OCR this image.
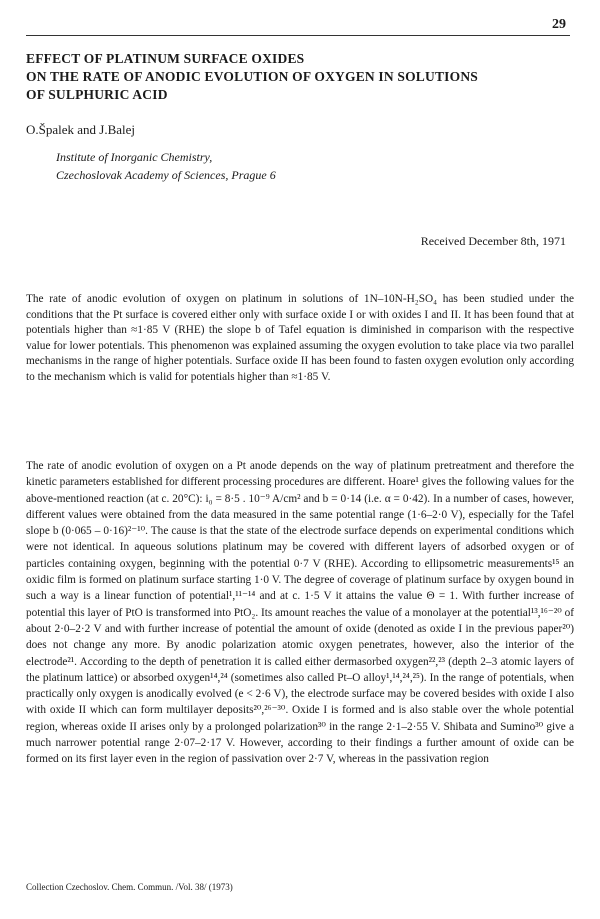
29
EFFECT OF PLATINUM SURFACE OXIDES
ON THE RATE OF ANODIC EVOLUTION OF OXYGEN IN SOLUTIONS
OF SULPHURIC ACID
O.Špalek and J.Balej
Institute of Inorganic Chemistry,
Czechoslovak Academy of Sciences, Prague 6
Received December 8th, 1971

The rate of anodic evolution of oxygen on platinum in solutions of 1N–10N-H₂SO₄ has been studied under the conditions that the Pt surface is covered either only with surface oxide I or with oxides I and II. It has been found that at potentials higher than ≈1·85 V (RHE) the slope b of Tafel equation is diminished in comparison with the respective value for lower potentials. This phenomenon was explained assuming the oxygen evolution to take place via two parallel mechanisms in the range of higher potentials. Surface oxide II has been found to fasten oxygen evolution only according to the mechanism which is valid for potentials higher than ≈1·85 V.

The rate of anodic evolution of oxygen on a Pt anode depends on the way of platinum pretreatment and therefore the kinetic parameters established for different processing procedures are different. Hoare¹ gives the following values for the above-mentioned reaction (at c. 20°C): i₀ = 8·5 . 10⁻⁹ A/cm² and b = 0·14 (i.e. α = 0·42). In a number of cases, however, different values were obtained from the data measured in the same potential range (1·6–2·0 V), especially for the Tafel slope b (0·065 – 0·16)²⁻¹⁰. The cause is that the state of the electrode surface depends on experimental conditions which were not identical. In aqueous solutions platinum may be covered with different layers of adsorbed oxygen or of particles containing oxygen, beginning with the potential 0·7 V (RHE). According to ellipsometric measurements¹⁵ an oxidic film is formed on platinum surface starting 1·0 V. The degree of coverage of platinum surface by oxygen bound in such a way is a linear function of potential¹,¹¹⁻¹⁴ and at c. 1·5 V it attains the value Θ = 1. With further increase of potential this layer of PtO is transformed into PtO₂. Its amount reaches the value of a monolayer at the potential¹³,¹⁶⁻²⁰ of about 2·0–2·2 V and with further increase of potential the amount of oxide (denoted as oxide I in the previous paper²⁰) does not change any more. By anodic polarization atomic oxygen penetrates, however, also the interior of the electrode²¹. According to the depth of penetration it is called either dermasorbed oxygen²²,²³ (depth 2–3 atomic layers of the platinum lattice) or absorbed oxygen¹⁴,²⁴ (sometimes also called Pt–O alloy¹,¹⁴,²⁴,²⁵). In the range of potentials, when practically only oxygen is anodically evolved (e < 2·6 V), the electrode surface may be covered besides with oxide I also with oxide II which can form multilayer deposits²⁰,²⁶⁻³⁰. Oxide I is formed and is also stable over the whole potential region, whereas oxide II arises only by a prolonged polarization³⁰ in the range 2·1–2·55 V. Shibata and Sumino³⁰ give a much narrower potential range 2·07–2·17 V. However, according to their findings a further amount of oxide can be formed on its first layer even in the region of passivation over 2·7 V, whereas in the passivation region

Collection Czechoslov. Chem. Commun. /Vol. 38/ (1973)
